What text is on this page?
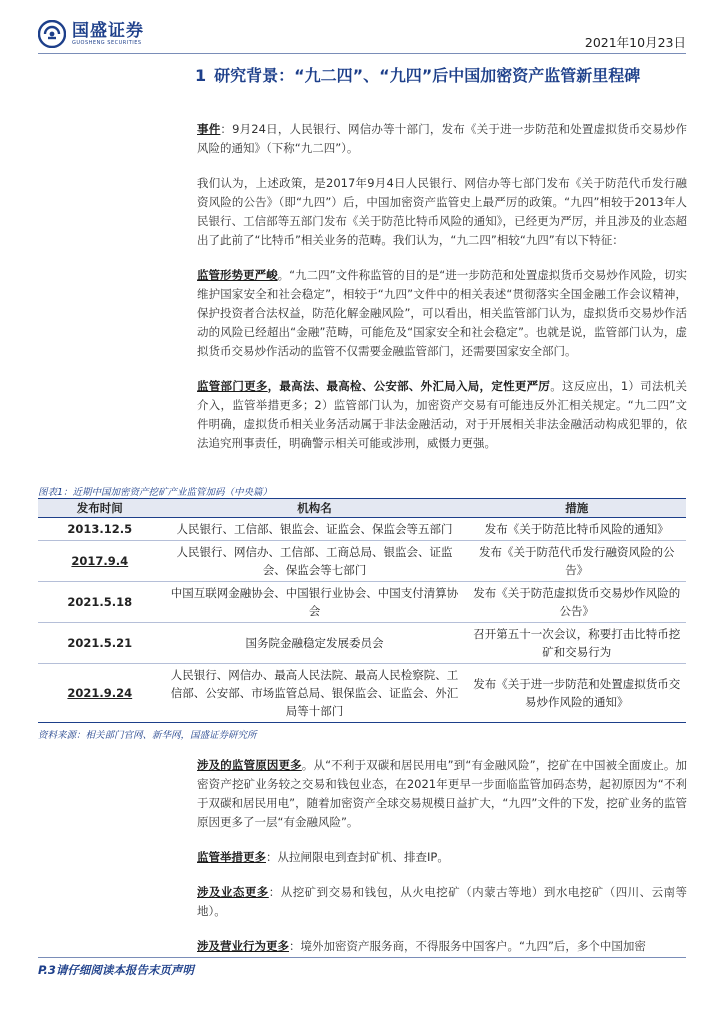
国盛证券
GUOSHENG SECURITIES	2021年10月23日
1 研究背景：“九二四”、“九四”后中国加密资产监管新里程碑

事件：9月24日，人民银行、网信办等十部门，发布《关于进一步防范和处置虚拟货币交易炒作风险的通知》（下称“九二四”）。

我们认为，上述政策，是2017年9月4日人民银行、网信办等七部门发布《关于防范代币发行融资风险的公告》（即“九四”）后，中国加密资产监管史上最严厉的政策。“九四”相较于2013年人民银行、工信部等五部门发布《关于防范比特币风险的通知》，已经更为严厉，并且涉及的业态超出了此前了“比特币”相关业务的范畴。我们认为，“九二四”相较“九四”有以下特征：

监管形势更严峻。“九二四”文件称监管的目的是“进一步防范和处置虚拟货币交易炒作风险，切实维护国家安全和社会稳定”，相较于“九四”文件中的相关表述“贯彻落实全国金融工作会议精神，保护投资者合法权益，防范化解金融风险”，可以看出，相关监管部门认为，虚拟货币交易炒作活动的风险已经超出“金融”范畴，可能危及“国家安全和社会稳定”。也就是说，监管部门认为，虚拟货币交易炒作活动的监管不仅需要金融监管部门，还需要国家安全部门。

监管部门更多，最高法、最高检、公安部、外汇局入局，定性更严厉。这反应出，1）司法机关介入，监管举措更多；2）监管部门认为，加密资产交易有可能违反外汇相关规定。“九二四”文件明确，虚拟货币相关业务活动属于非法金融活动，对于开展相关非法金融活动构成犯罪的，依法追究刑事责任，明确警示相关可能或涉刑，威慑力更强。

图表1：近期中国加密资产挖矿产业监管加码（中央篇）
发布时间	机构名	措施
2013.12.5	人民银行、工信部、银监会、证监会、保监会等五部门	发布《关于防范比特币风险的通知》
2017.9.4	人民银行、网信办、工信部、工商总局、银监会、证监会、保监会等七部门	发布《关于防范代币发行融资风险的公告》
2021.5.18	中国互联网金融协会、中国银行业协会、中国支付清算协会	发布《关于防范虚拟货币交易炒作风险的公告》
2021.5.21	国务院金融稳定发展委员会	召开第五十一次会议，称要打击比特币挖矿和交易行为
2021.9.24	人民银行、网信办、最高人民法院、最高人民检察院、工信部、公安部、市场监管总局、银保监会、证监会、外汇局等十部门	发布《关于进一步防范和处置虚拟货币交易炒作风险的通知》
资料来源：相关部门官网、新华网，国盛证券研究所

涉及的监管原因更多。从“不利于双碳和居民用电”到“有金融风险”，挖矿在中国被全面废止。加密资产挖矿业务较之交易和钱包业态，在2021年更早一步面临监管加码态势，起初原因为“不利于双碳和居民用电”，随着加密资产全球交易规模日益扩大，“九四”文件的下发，挖矿业务的监管原因更多了一层“有金融风险”。

监管举措更多：从拉闸限电到查封矿机、排查IP。

涉及业态更多：从挖矿到交易和钱包，从火电挖矿（内蒙古等地）到水电挖矿（四川、云南等地）。

涉及营业行为更多：境外加密资产服务商，不得服务中国客户。“九四”后，多个中国加密

P.3请仔细阅读本报告末页声明
